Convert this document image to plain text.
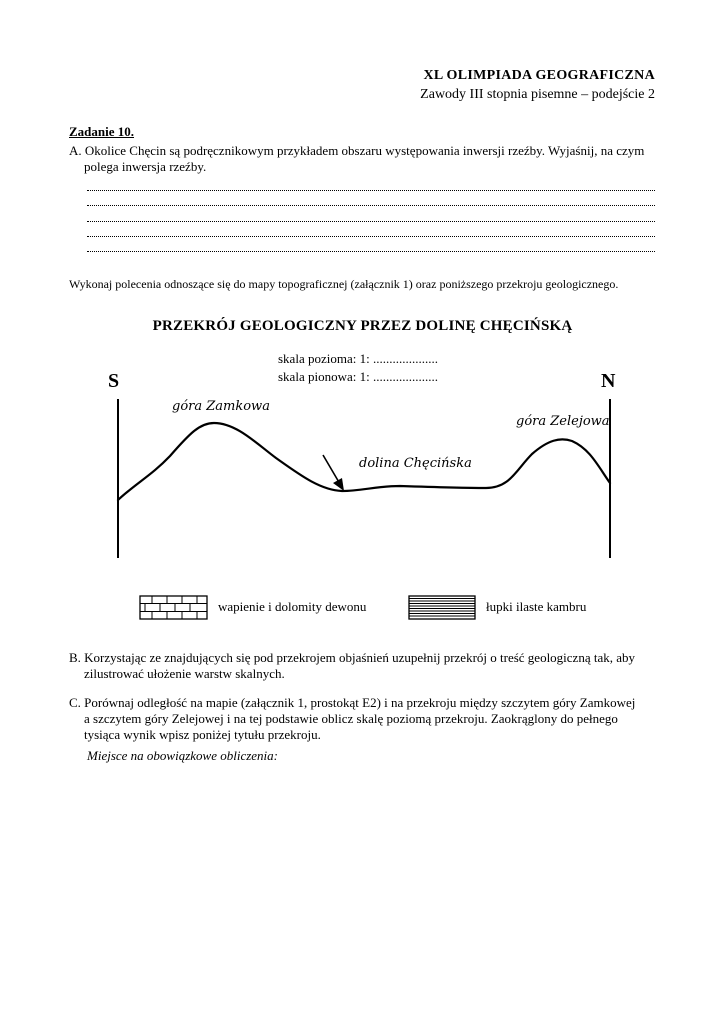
XL OLIMPIADA GEOGRAFICZNA
Zawody III stopnia pisemne – podejście 2
Zadanie 10.
A. Okolice Chęcin są podręcznikowym przykładem obszaru występowania inwersji rzeźby. Wyjaśnij, na czym
polega inwersja rzeźby.
Wykonaj polecenia odnoszące się do mapy topograficznej (załącznik 1) oraz poniższego przekroju geologicznego.
PRZEKRÓJ GEOLOGICZNY PRZEZ DOLINĘ CHĘCIŃSKĄ
skala pozioma: 1: ....................
skala pionowa: 1: ....................
S	N
góra Zamkowa
góra Zelejowa
dolina Chęcińska
wapienie i dolomity dewonu	łupki ilaste kambru
B. Korzystając ze znajdujących się pod przekrojem objaśnień uzupełnij przekrój o treść geologiczną tak, aby
zilustrować ułożenie warstw skalnych.
C. Porównaj odległość na mapie (załącznik 1, prostokąt E2) i na przekroju między szczytem góry Zamkowej
a szczytem góry Zelejowej i na tej podstawie oblicz skalę poziomą przekroju. Zaokrąglony do pełnego
tysiąca wynik wpisz poniżej tytułu przekroju.
Miejsce na obowiązkowe obliczenia:
